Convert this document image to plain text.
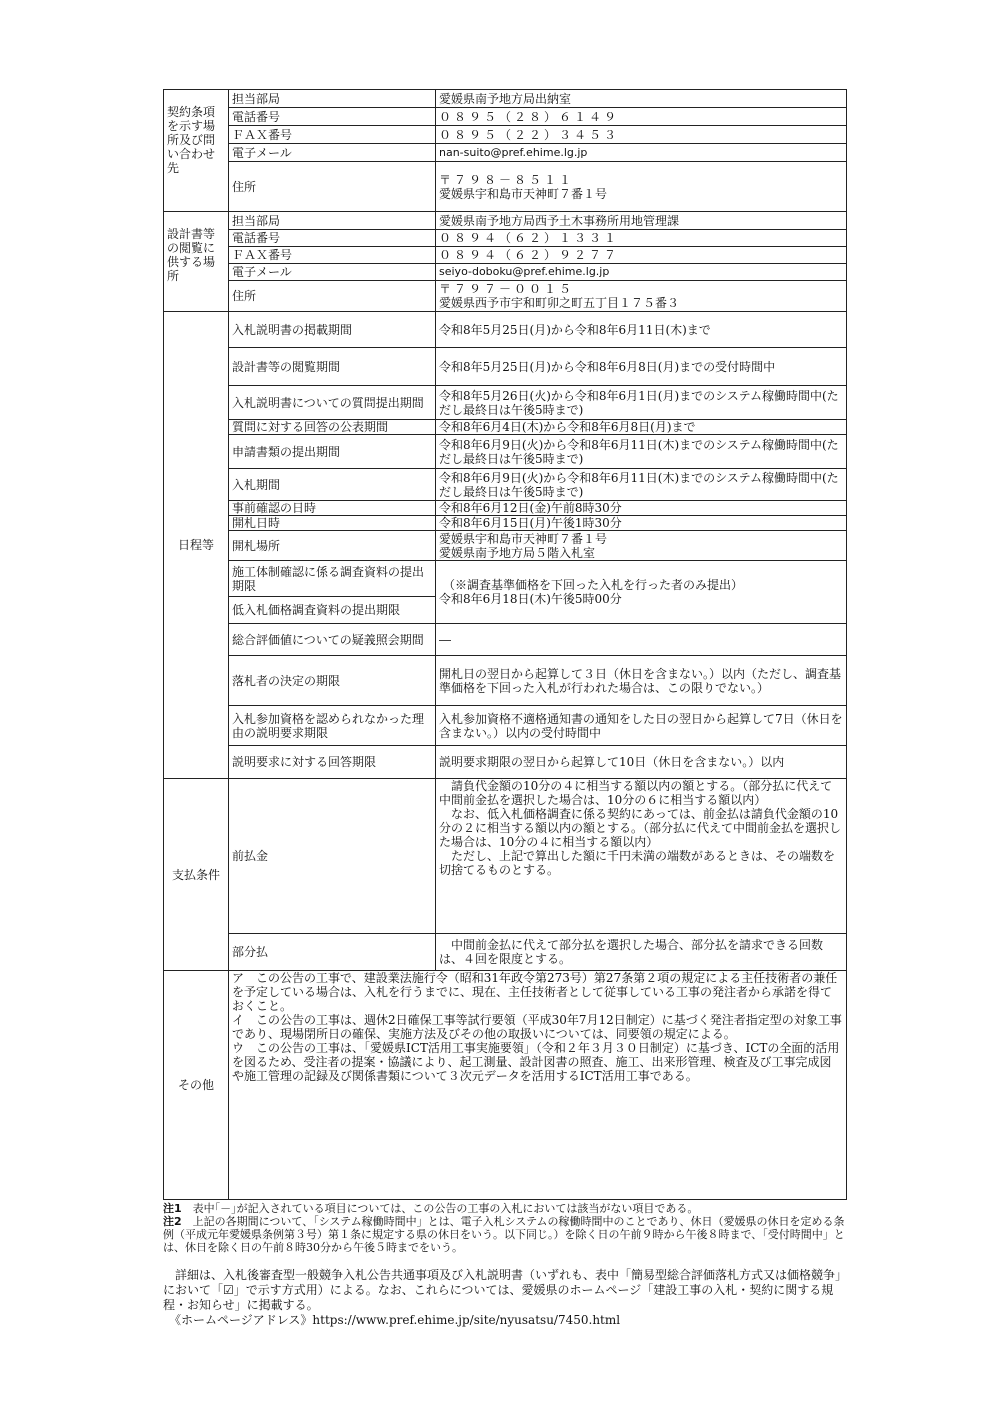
契約条項を示す場所及び問い合わせ先	担当部局	愛媛県南予地方局出納室
	電話番号	０８９５（２８）６１４９
	ＦＡＸ番号	０８９５（２２）３４５３
	電子メール	nan-suito@pref.ehime.lg.jp
	住所	〒７９８－８５１１
愛媛県宇和島市天神町７番１号

設計書等の閲覧に供する場所	担当部局	愛媛県南予地方局西予土木事務所用地管理課
	電話番号	０８９４（６２）１３３１
	ＦＡＸ番号	０８９４（６２）９２７７
	電子メール	seiyo-doboku@pref.ehime.lg.jp
	住所	〒７９７－００１５
愛媛県西予市宇和町卯之町五丁目１７５番３

日程等	入札説明書の掲載期間	令和8年5月25日(月)から令和8年6月11日(木)まで
	設計書等の閲覧期間	令和8年5月25日(月)から令和8年6月8日(月)までの受付時間中
	入札説明書についての質問提出期間	令和8年5月26日(火)から令和8年6月1日(月)までのシステム稼働時間中(ただし最終日は午後5時まで)
	質問に対する回答の公表期間	令和8年6月4日(木)から令和8年6月8日(月)まで
	申請書類の提出期間	令和8年6月9日(火)から令和8年6月11日(木)までのシステム稼働時間中(ただし最終日は午後5時まで)
	入札期間	令和8年6月9日(火)から令和8年6月11日(木)までのシステム稼働時間中(ただし最終日は午後5時まで)
	事前確認の日時	令和8年6月12日(金)午前8時30分
	開札日時	令和8年6月15日(月)午後1時30分
	開札場所	愛媛県宇和島市天神町７番１号
愛媛県南予地方局５階入札室

	施工体制確認に係る調査資料の提出期限	（※調査基準価格を下回った入札を行った者のみ提出）
令和8年6月18日(木)午後5時00分

	低入札価格調査資料の提出期限	
	総合評価値についての疑義照会期間	―
	落札者の決定の期限	開札日の翌日から起算して３日（休日を含まない。）以内（ただし、調査基準価格を下回った入札が行われた場合は、この限りでない。）
	入札参加資格を認められなかった理由の説明要求期限	入札参加資格不適格通知書の通知をした日の翌日から起算して7日（休日を含まない。）以内の受付時間中
	説明要求に対する回答期限	説明要求期限の翌日から起算して10日（休日を含まない。）以内
支払条件	前払金	　請負代金額の10分の４に相当する額以内の額とする。（部分払に代えて中間前金払を選択した場合は、10分の６に相当する額以内）
　なお、低入札価格調査に係る契約にあっては、前金払は請負代金額の10分の２に相当する額以内の額とする。（部分払に代えて中間前金払を選択した場合は、10分の４に相当する額以内）
　ただし、上記で算出した額に千円未満の端数があるときは、その端数を切捨てるものとする。
	部分払	　中間前金払に代えて部分払を選択した場合、部分払を請求できる回数は、４回を限度とする。
その他	ア　この公告の工事で、建設業法施行令（昭和31年政令第273号）第27条第２項の規定による主任技術者の兼任を予定している場合は、入札を行うまでに、現在、主任技術者として従事している工事の発注者から承諾を得ておくこと。
イ　この公告の工事は、週休2日確保工事等試行要領（平成30年7月12日制定）に基づく発注者指定型の対象工事であり、現場閉所日の確保、実施方法及びその他の取扱いについては、同要領の規定による。
ウ　この公告の工事は、「愛媛県ICT活用工事実施要領」（令和２年３月３０日制定）に基づき、ICTの全面的活用を図るため、受注者の提案・協議により、起工測量、設計図書の照査、施工、出来形管理、検査及び工事完成図や施工管理の記録及び関係書類について３次元データを活用するICT活用工事である。	
注1　 表中｢－｣が記入されている項目については、この公告の工事の入札においては該当がない項目である。
注2　 上記の各期間について、「システム稼働時間中」とは、電子入札システムの稼働時間中のことであり、休日（愛媛県の休日を定める条例（平成元年愛媛県条例第３号）第１条に規定する県の休日をいう。以下同じ。）を除く日の午前９時から午後８時まで、「受付時間中」とは、休日を除く日の午前８時30分から午後５時までをいう。
　詳細は、入札後審査型一般競争入札公告共通事項及び入札説明書（いずれも、表中「簡易型総合評価落札方式又は価格競争」において「☑」で示す方式用）による。なお、これらについては、愛媛県のホームページ「建設工事の入札・契約に関する規程・お知らせ」に掲載する。
　《ホームページアドレス》https://www.pref.ehime.jp/site/nyusatsu/7450.html
